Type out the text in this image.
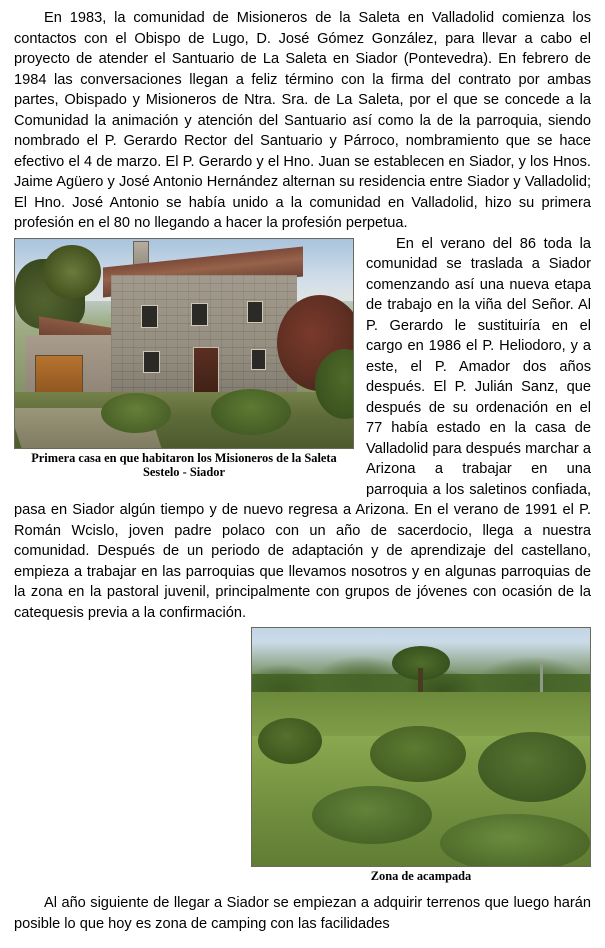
En 1983, la comunidad de Misioneros de la Saleta en Valladolid comienza los contactos con el Obispo de Lugo, D. José Gómez González, para llevar a cabo el proyecto de atender el Santuario de La Saleta en Siador (Pontevedra). En febrero de 1984 las conversaciones llegan a feliz término con la firma del contrato por ambas partes, Obispado y Misioneros de Ntra. Sra. de La Saleta, por el que se concede a la Comunidad la animación y atención del Santuario así como la de la parroquia, siendo nombrado el P. Gerardo Rector del Santuario y Párroco, nombramiento que se hace efectivo el 4 de marzo. El P. Gerardo y el Hno. Juan se establecen en Siador, y los Hnos. Jaime Agüero y José Antonio Hernández alternan su residencia entre Siador y Valladolid; El Hno. José Antonio se había unido a la comunidad en Valladolid, hizo su primera profesión en el 80 no llegando a hacer la profesión perpetua.

Primera casa en que habitaron los Misioneros de la Saleta
Sestelo - Siador

En el verano del 86 toda la comunidad se traslada a Siador comenzando así una nueva etapa de trabajo en la viña del Señor. Al P. Gerardo le sustituiría en el cargo en 1986 el P. Heliodoro, y a este, el P. Amador dos años después. El P. Julián Sanz, que después de su ordenación en el 77 había estado en la casa de Valladolid para después marchar a Arizona a trabajar en una parroquia a los saletinos confiada, pasa en Siador algún tiempo y de nuevo regresa a Arizona. En el verano de 1991 el P. Román Wcislo, joven padre polaco con un año de sacerdocio, llega a nuestra comunidad. Después de un periodo de adaptación y de aprendizaje del castellano, empieza a trabajar en las parroquias que llevamos nosotros y en algunas parroquias de la zona en la pastoral juvenil, principalmente con grupos de jóvenes con ocasión de la catequesis previa a la confirmación.

Zona de acampada

Al año siguiente de llegar a Siador se empiezan a adquirir terrenos que luego harán posible lo que hoy es zona de camping con las facilidades
